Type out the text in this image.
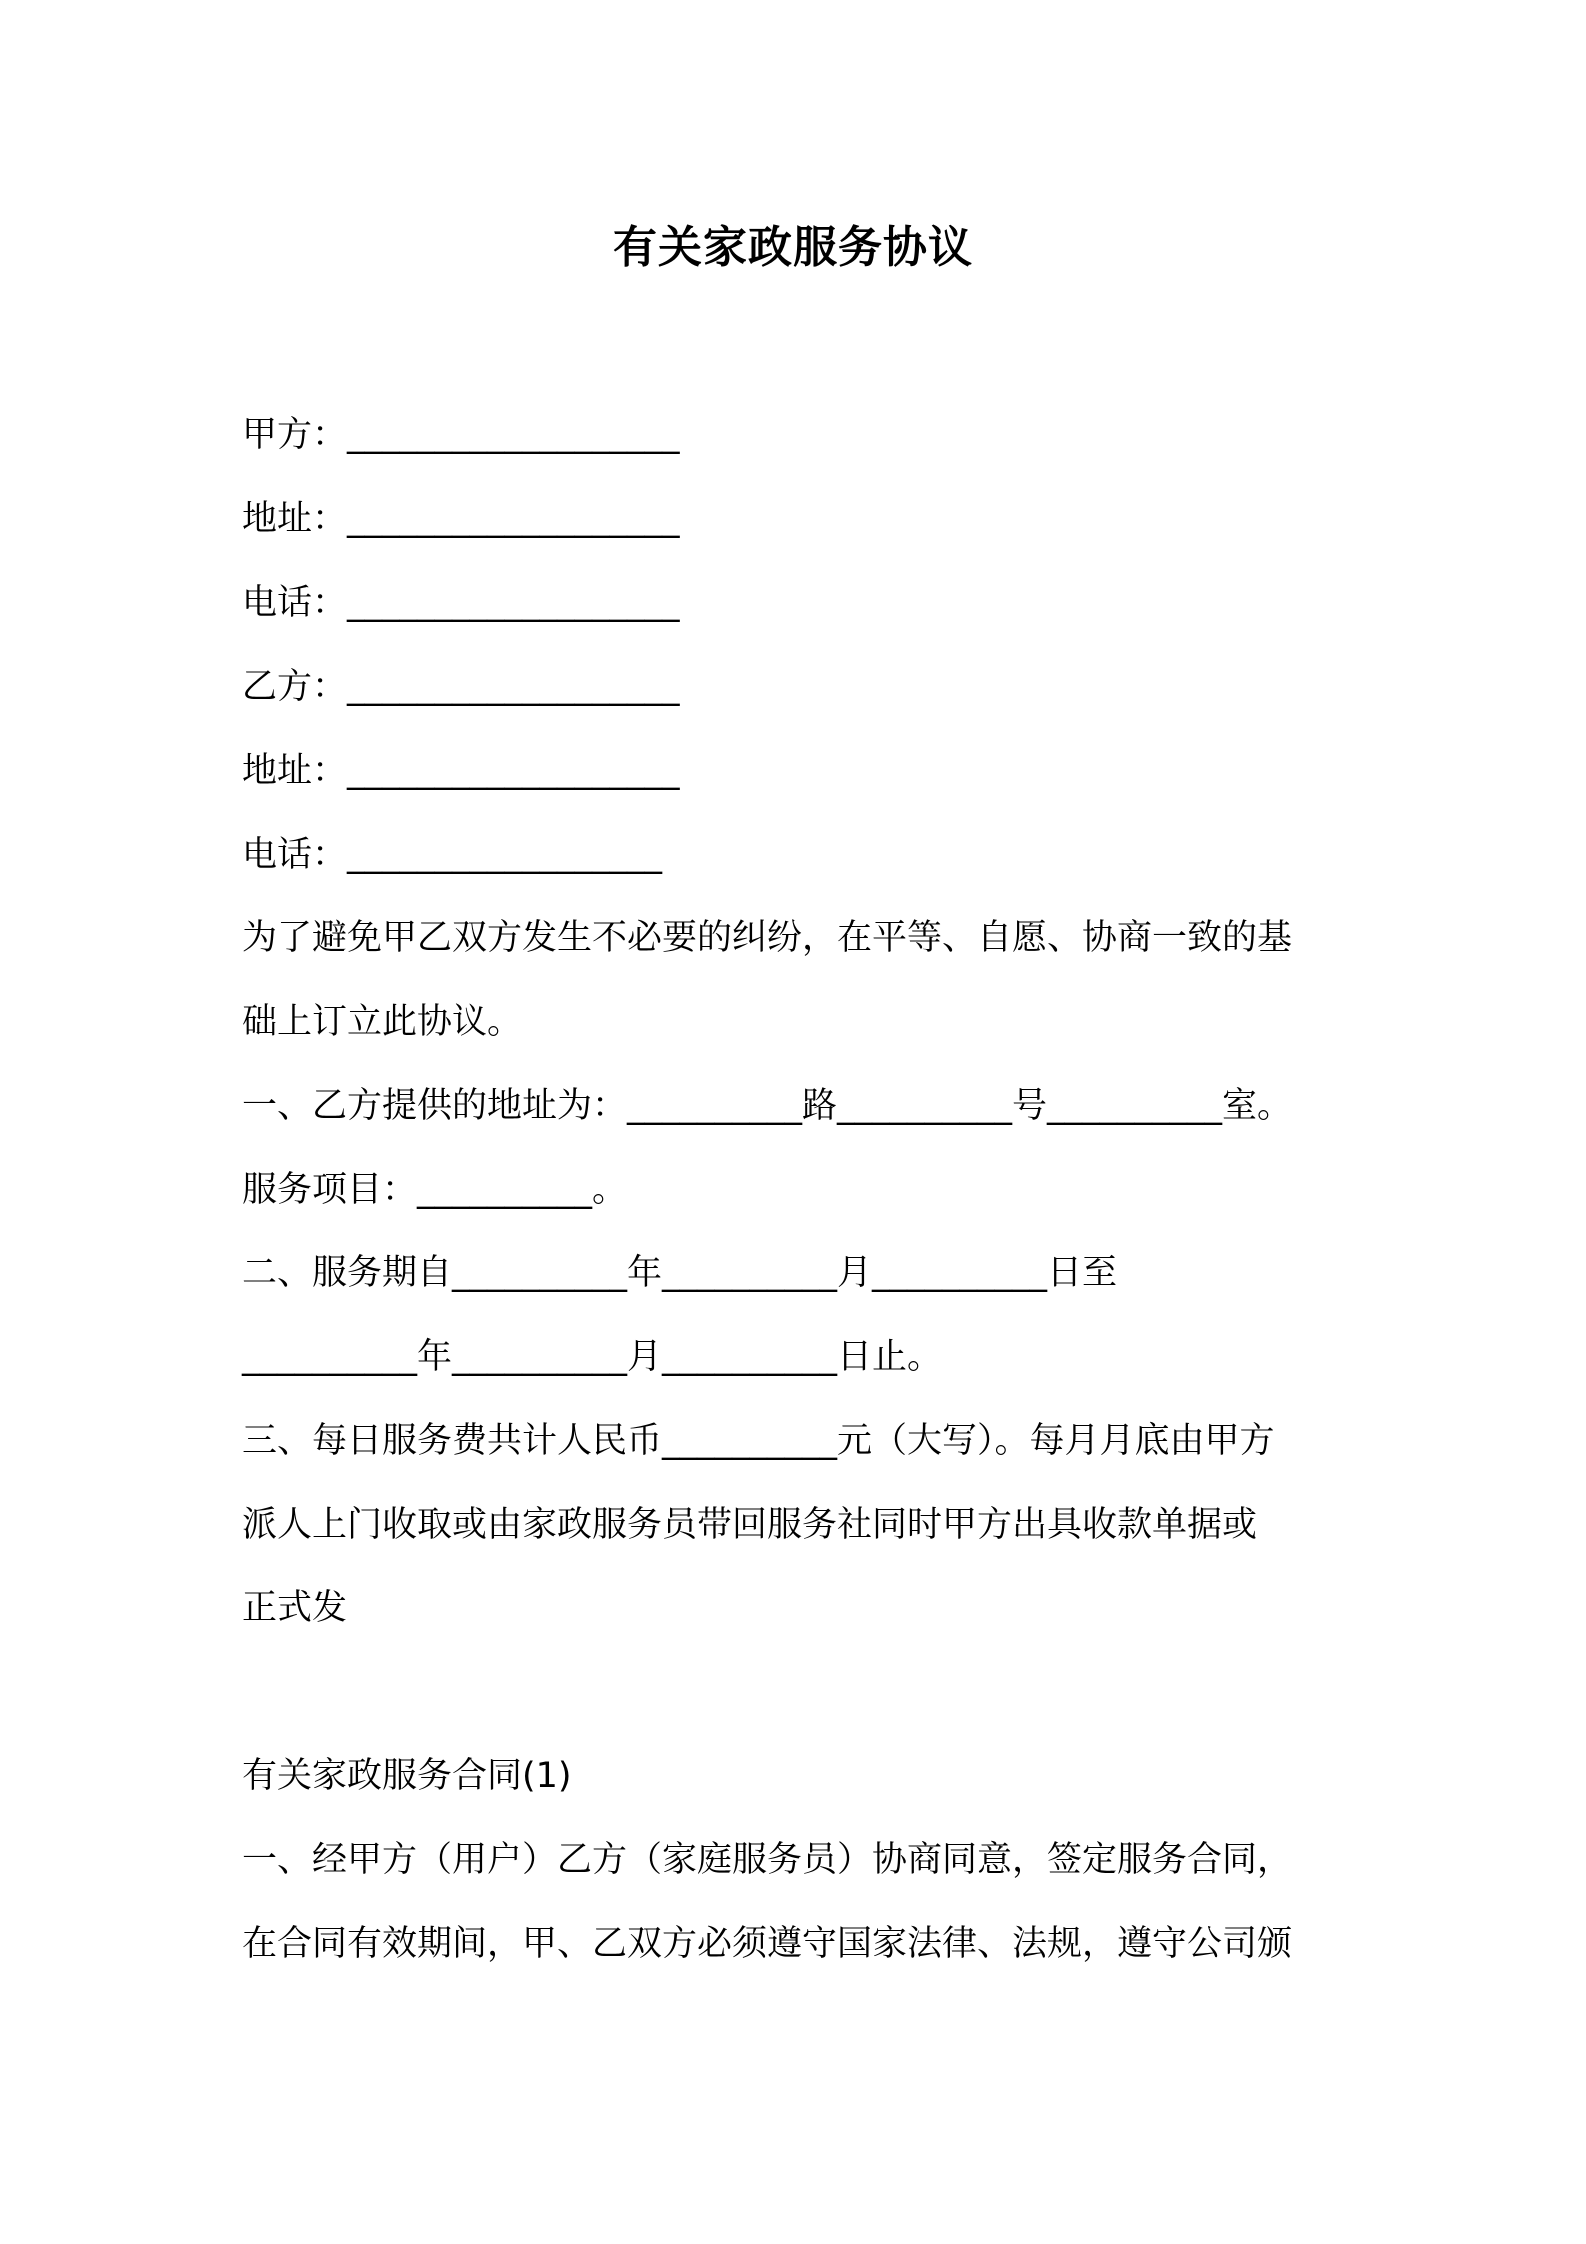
有关家政服务协议

甲方：___________________

地址：___________________

电话：___________________

乙方：___________________

地址：___________________

电话：__________________

为了避免甲乙双方发生不必要的纠纷，在平等、自愿、协商一致的基

础上订立此协议。

一、乙方提供的地址为：__________路__________号__________室。

服务项目：__________。

二、服务期自__________年__________月__________日至

__________年__________月__________日止。

三、每日服务费共计人民币__________元（大写）。每月月底由甲方

派人上门收取或由家政服务员带回服务社同时甲方出具收款单据或

正式发

有关家政服务合同(1)

一、经甲方（用户）乙方（家庭服务员）协商同意，签定服务合同，

在合同有效期间，甲、乙双方必须遵守国家法律、法规，遵守公司颁
